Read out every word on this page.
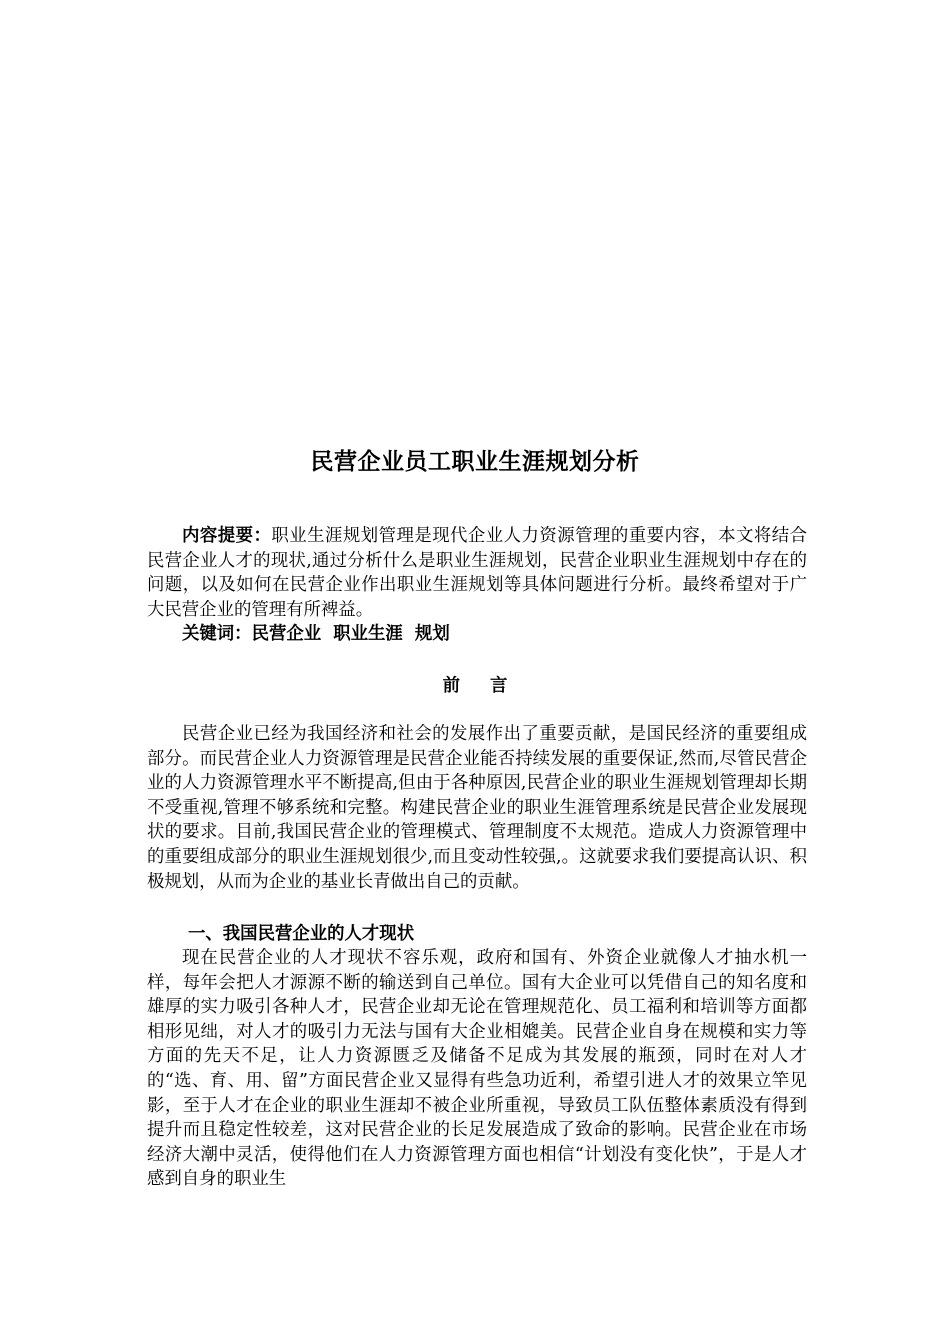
民营企业员工职业生涯规划分析

内容提要：职业生涯规划管理是现代企业人力资源管理的重要内容，本文将结合民营企业人才的现状,通过分析什么是职业生涯规划，民营企业职业生涯规划中存在的问题，以及如何在民营企业作出职业生涯规划等具体问题进行分析。最终希望对于广大民营企业的管理有所裨益。

关键词：民营企业  职业生涯  规划

前 言

民营企业已经为我国经济和社会的发展作出了重要贡献，是国民经济的重要组成部分。而民营企业人力资源管理是民营企业能否持续发展的重要保证,然而,尽管民营企业的人力资源管理水平不断提高,但由于各种原因,民营企业的职业生涯规划管理却长期不受重视,管理不够系统和完整。构建民营企业的职业生涯管理系统是民营企业发展现状的要求。目前,我国民营企业的管理模式、管理制度不太规范。造成人力资源管理中的重要组成部分的职业生涯规划很少,而且变动性较强,。这就要求我们要提高认识、积极规划，从而为企业的基业长青做出自己的贡献。

一、我国民营企业的人才现状

现在民营企业的人才现状不容乐观，政府和国有、外资企业就像人才抽水机一样，每年会把人才源源不断的输送到自己单位。国有大企业可以凭借自己的知名度和雄厚的实力吸引各种人才，民营企业却无论在管理规范化、员工福利和培训等方面都相形见绌，对人才的吸引力无法与国有大企业相媲美。民营企业自身在规模和实力等方面的先天不足，让人力资源匮乏及储备不足成为其发展的瓶颈，同时在对人才的“选、育、用、留”方面民营企业又显得有些急功近利，希望引进人才的效果立竿见影，至于人才在企业的职业生涯却不被企业所重视，导致员工队伍整体素质没有得到提升而且稳定性较差，这对民营企业的长足发展造成了致命的影响。民营企业在市场经济大潮中灵活，使得他们在人力资源管理方面也相信“计划没有变化快”，于是人才感到自身的职业生
